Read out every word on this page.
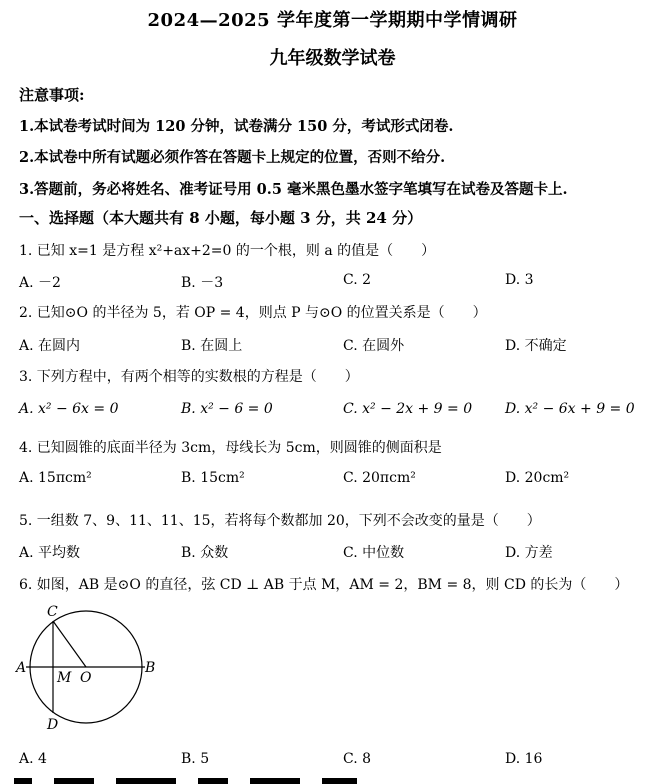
2024—2025 学年度第一学期期中学情调研
九年级数学试卷
注意事项:
1.本试卷考试时间为 120 分钟，试卷满分 150 分，考试形式闭卷.
2.本试卷中所有试题必须作答在答题卡上规定的位置，否则不给分.
3.答题前，务必将姓名、准考证号用 0.5 毫米黑色墨水签字笔填写在试卷及答题卡上.
一、选择题（本大题共有 8 小题，每小题 3 分，共 24 分）
1. 已知 x=1 是方程 x²+ax+2=0 的一个根，则 a 的值是（　　）
A. －2	B. －3	C. 2	D. 3
2. 已知⊙O 的半径为 5，若 OP = 4，则点 P 与⊙O 的位置关系是（　　）
A. 在圆内	B. 在圆上	C. 在圆外	D. 不确定
3. 下列方程中，有两个相等的实数根的方程是（　　）
A. x² − 6x = 0	B. x² − 6 = 0	C. x² − 2x + 9 = 0 D. x² − 6x + 9 = 0
4. 已知圆锥的底面半径为 3cm，母线长为 5cm，则圆锥的侧面积是
A. 15πcm²	B. 15cm²	C. 20πcm²	D. 20cm²
5. 一组数 7、9、11、11、15，若将每个数都加 20，下列不会改变的量是（　　）
A. 平均数	B. 众数	C. 中位数	D. 方差
6. 如图，AB 是⊙O 的直径，弦 CD ⊥ AB 于点 M，AM = 2，BM = 8，则 CD 的长为（　　）
C
A	B
M O
D
A. 4	B. 5	C. 8	D. 16
